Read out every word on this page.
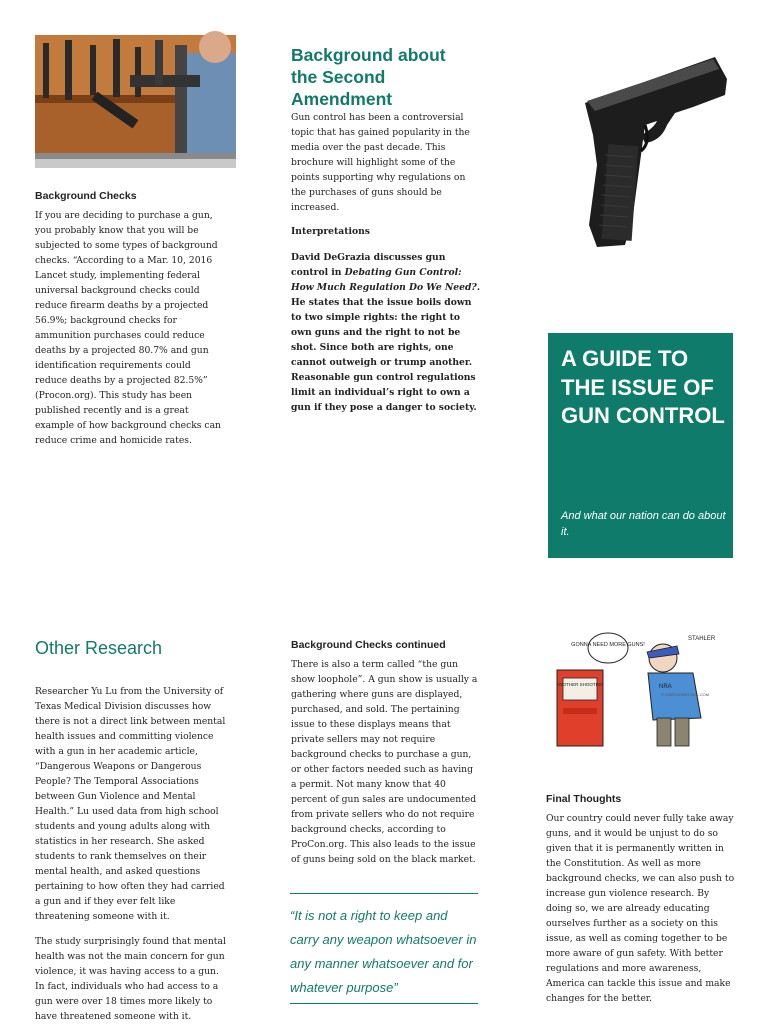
Background Checks

If you are deciding to purchase a gun, you probably know that you will be subjected to some types of background checks. “According to a Mar. 10, 2016 Lancet study, implementing federal universal background checks could reduce firearm deaths by a projected 56.9%; background checks for ammunition purchases could reduce deaths by a projected 80.7% and gun identification requirements could reduce deaths by a projected 82.5%” (Procon.org). This study has been published recently and is a great example of how background checks can reduce crime and homicide rates.

Other Research

Researcher Yu Lu from the University of Texas Medical Division discusses how there is not a direct link between mental health issues and committing violence with a gun in her academic article, “Dangerous Weapons or Dangerous People? The Temporal Associations between Gun Violence and Mental Health.” Lu used data from high school students and young adults along with statistics in her research. She asked students to rank themselves on their mental health, and asked questions pertaining to how often they had carried a gun and if they ever felt like threatening someone with it.

The study surprisingly found that mental health was not the main concern for gun violence, it was having access to a gun. In fact, individuals who had access to a gun were over 18 times more likely to have threatened someone with it.

Background about the Second Amendment

Gun control has been a controversial topic that has gained popularity in the media over the past decade. This brochure will highlight some of the points supporting why regulations on the purchases of guns should be increased.

Interpretations

David DeGrazia discusses gun control in Debating Gun Control: How Much Regulation Do We Need?. He states that the issue boils down to two simple rights: the right to own guns and the right to not be shot. Since both are rights, one cannot outweigh or trump another. Reasonable gun control regulations limit an individual’s right to own a gun if they pose a danger to society.

Background Checks continued

There is also a term called “the gun show loophole”. A gun show is usually a gathering where guns are displayed, purchased, and sold. The pertaining issue to these displays means that private sellers may not require background checks to purchase a gun, or other factors needed such as having a permit. Not many know that 40 percent of gun sales are undocumented from private sellers who do not require background checks, according to ProCon.org. This also leads to the issue of guns being sold on the black market.

“It is not a right to keep and carry any weapon whatsoever in any manner whatsoever and for whatever purpose”

A GUIDE TO THE ISSUE OF GUN CONTROL
And what our nation can do about it.
ANOTHER SHOOTING
GONNA NEED MORE GUNS!
NRA
STAHLER
© CARTOONSTOCK.COM
Final Thoughts

Our country could never fully take away guns, and it would be unjust to do so given that it is permanently written in the Constitution. As well as more background checks, we can also push to increase gun violence research. By doing so, we are already educating ourselves further as a society on this issue, as well as coming together to be more aware of gun safety. With better regulations and more awareness, America can tackle this issue and make changes for the better.
